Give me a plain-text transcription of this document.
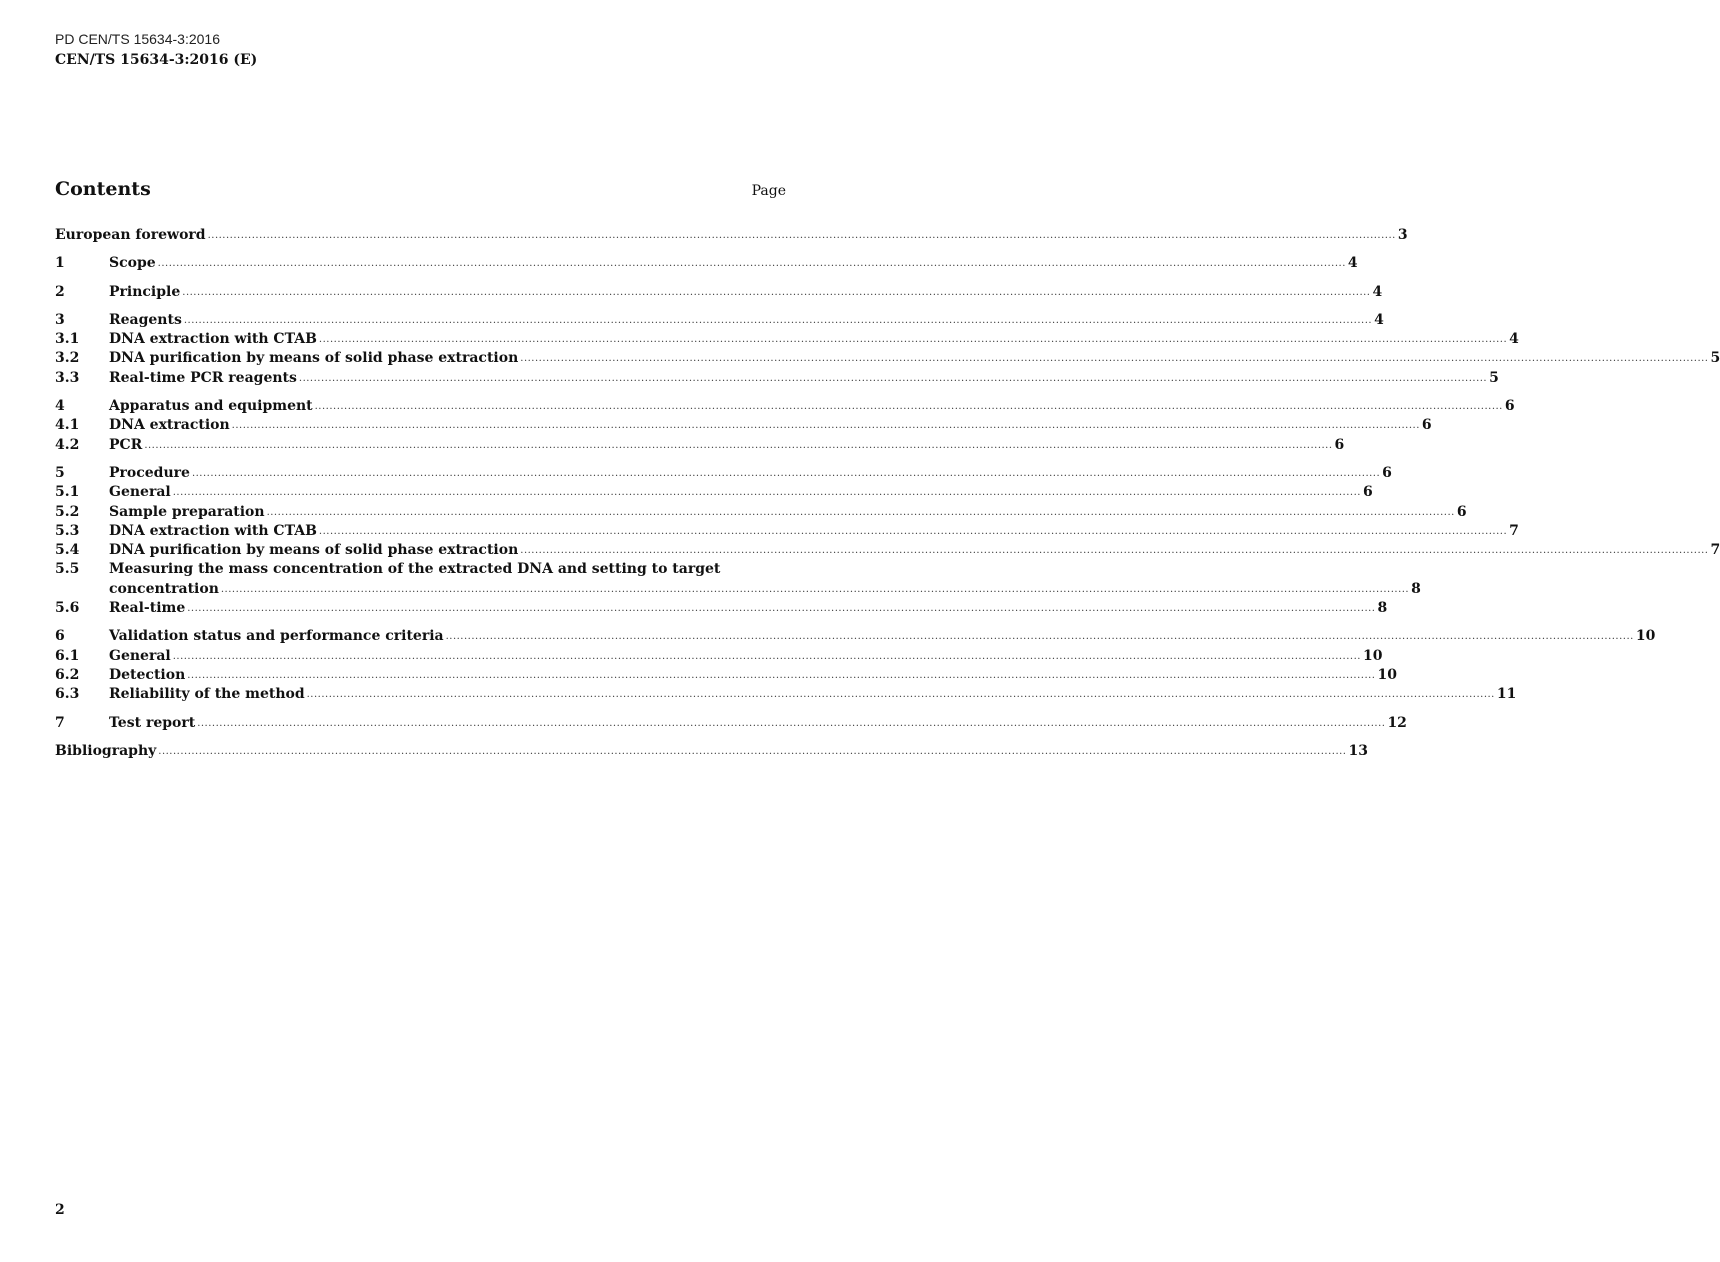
PD CEN/TS 15634-3:2016
CEN/TS 15634-3:2016 (E)
Contents	Page
European foreword .....	3
1	Scope .....	4
2	Principle .....	4
3	Reagents .....	4
3.1	DNA extraction with CTAB .....	4
3.2	DNA purification by means of solid phase extraction .....	5
3.3	Real-time PCR reagents .....	5
4	Apparatus and equipment .....	6
4.1	DNA extraction .....	6
4.2	PCR .....	6
5	Procedure .....	6
5.1	General .....	6
5.2	Sample preparation .....	6
5.3	DNA extraction with CTAB .....	7
5.4	DNA purification by means of solid phase extraction .....	7
5.5	Measuring the mass concentration of the extracted DNA and setting to target
concentration .....	8
5.6	Real-time .....	8
6	Validation status and performance criteria .....	10
6.1	General .....	10
6.2	Detection .....	10
6.3	Reliability of the method .....	11
7	Test report .....	12
Bibliography .....	13
2
